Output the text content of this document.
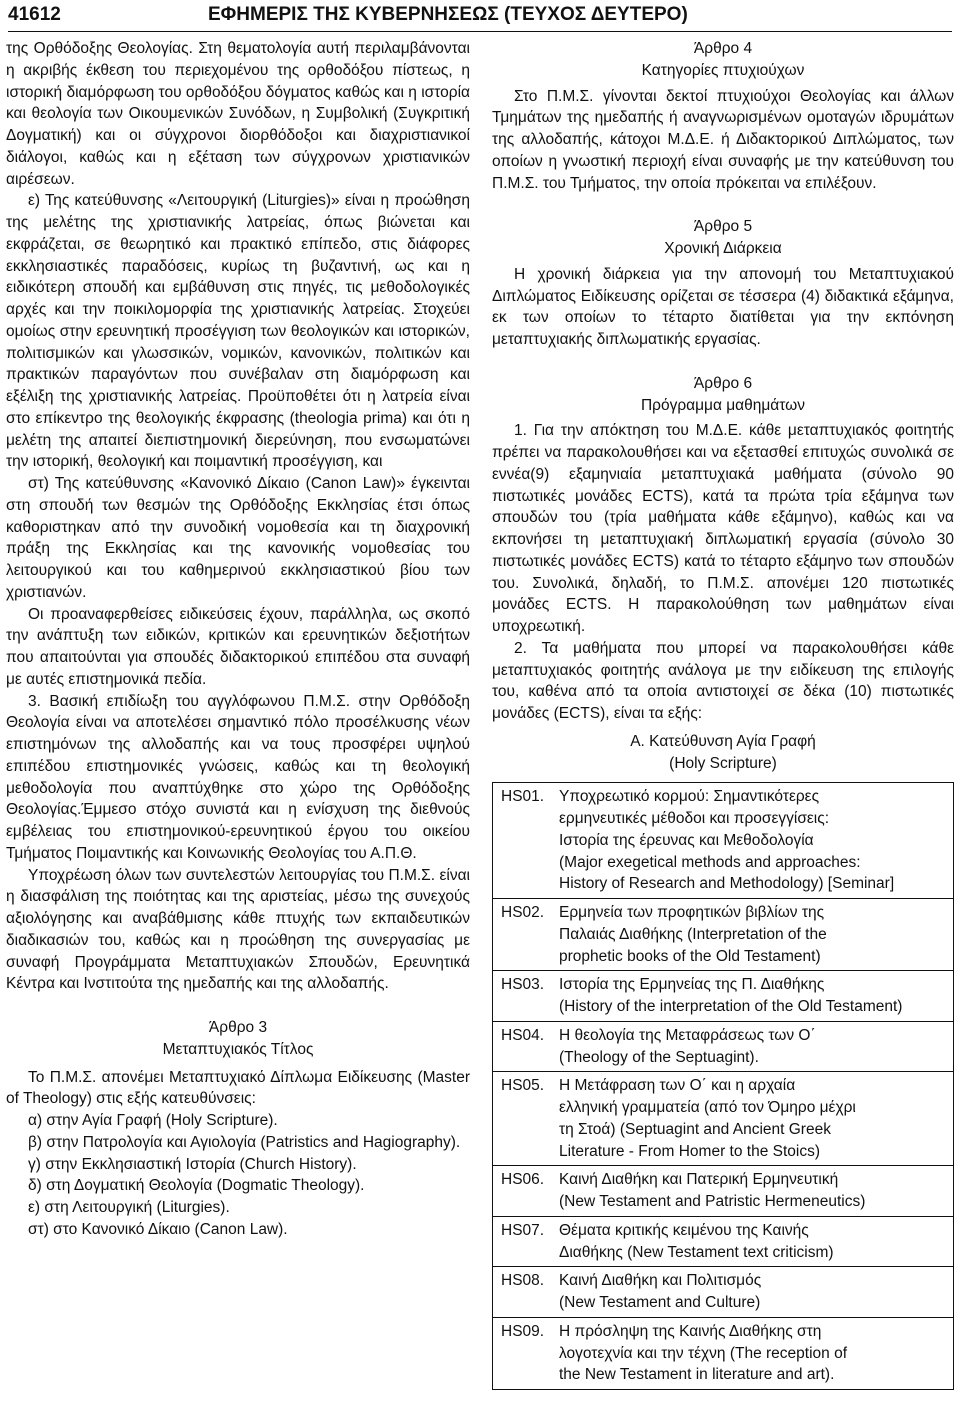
41612	ΕΦΗΜΕΡΙΣ ΤΗΣ ΚΥΒΕΡΝΗΣΕΩΣ (ΤΕΥΧΟΣ ΔΕΥΤΕΡΟ)

της Ορθόδοξης Θεολογίας. Στη θεματολογία αυτή περιλαμβάνονται η ακριβής έκθεση του περιεχομένου της ορθοδόξου πίστεως, η ιστορική διαμόρφωση του ορθοδόξου δόγματος καθώς και η ιστορία και θεολογία των Οικουμενικών Συνόδων, η Συμβολική (Συγκριτική Δογματική) και οι σύγχρονοι διορθόδοξοι και διαχριστιανικοί διάλογοι, καθώς και η εξέταση των σύγχρονων χριστιανικών αιρέσεων.

ε) Της κατεύθυνσης «Λειτουργική (Liturgies)» είναι η προώθηση της μελέτης της χριστιανικής λατρείας, όπως βιώνεται και εκφράζεται, σε θεωρητικό και πρακτικό επίπεδο, στις διάφορες εκκλησιαστικές παραδόσεις, κυρίως τη βυζαντινή, ως και η ειδικότερη σπουδή και εμβάθυνση στις πηγές, τις μεθοδολογικές αρχές και την ποικιλομορφία της χριστιανικής λατρείας. Στοχεύει ομοίως στην ερευνητική προσέγγιση των θεολογικών και ιστορικών, πολιτισμικών και γλωσσικών, νομικών, κανονικών, πολιτικών και πρακτικών παραγόντων που συνέβαλαν στη διαμόρφωση και εξέλιξη της χριστιανικής λατρείας. Προϋποθέτει ότι η λατρεία είναι στο επίκεντρο της θεολογικής έκφρασης (theologia prima) και ότι η μελέτη της απαιτεί διεπιστημονική διερεύνηση, που ενσωματώνει την ιστορική, θεολογική και ποιμαντική προσέγγιση, και

στ) Της κατεύθυνσης «Κανονικό Δίκαιο (Canon Law)» έγκεινται στη σπουδή των θεσμών της Ορθόδοξης Εκκλησίας έτσι όπως καθοριστηκαν από την συνοδική νομοθεσία και τη διαχρονική πράξη της Εκκλησίας και της κανονικής νομοθεσίας του λειτουργικού και του καθημερινού εκκλησιαστικού βίου των χριστιανών.

Οι προαναφερθείσες ειδικεύσεις έχουν, παράλληλα, ως σκοπό την ανάπτυξη των ειδικών, κριτικών και ερευνητικών δεξιοτήτων που απαιτούνται για σπουδές διδακτορικού επιπέδου στα συναφή με αυτές επιστημονικά πεδία.

3. Βασική επιδίωξη του αγγλόφωνου Π.Μ.Σ. στην Ορθόδοξη Θεολογία είναι να αποτελέσει σημαντικό πόλο προσέλκυσης νέων επιστημόνων της αλλοδαπής και να τους προσφέρει υψηλού επιπέδου επιστημονικές γνώσεις, καθώς και τη θεολογική μεθοδολογία που αναπτύχθηκε στο χώρο της Ορθόδοξης Θεολογίας.Έμμεσο στόχο συνιστά και η ενίσχυση της διεθνούς εμβέλειας του επιστημονικού-ερευνητικού έργου του οικείου Τμήματος Ποιμαντικής και Κοινωνικής Θεολογίας του Α.Π.Θ.

Υποχρέωση όλων των συντελεστών λειτουργίας του Π.Μ.Σ. είναι η διασφάλιση της ποιότητας και της αριστείας, μέσω της συνεχούς αξιολόγησης και αναβάθμισης κάθε πτυχής των εκπαιδευτικών διαδικασιών του, καθώς και η προώθηση της συνεργασίας με συναφή Προγράμματα Μεταπτυχιακών Σπουδών, Ερευνητικά Κέντρα και Ινστιτούτα της ημεδαπής και της αλλοδαπής.

Άρθρο 3

Μεταπτυχιακός Τίτλος

Το Π.Μ.Σ. απονέμει Μεταπτυχιακό Δίπλωμα Ειδίκευσης (Master of Theology) στις εξής κατευθύνσεις:

α) στην Αγία Γραφή (Holy Scripture).

β) στην Πατρολογία και Αγιολογία (Patristics and Hagiography).

γ) στην Εκκλησιαστική Ιστορία (Church History).

δ) στη Δογματική Θεολογία (Dogmatic Theology).

ε) στη Λειτουργική (Liturgies).

στ) στο Κανονικό Δίκαιο (Canon Law).

Άρθρο 4

Κατηγορίες πτυχιούχων

Στο Π.Μ.Σ. γίνονται δεκτοί πτυχιούχοι Θεολογίας και άλλων Τμημάτων της ημεδαπής ή αναγνωρισμένων ομοταγών ιδρυμάτων της αλλοδαπής, κάτοχοι Μ.Δ.Ε. ή Διδακτορικού Διπλώματος, των οποίων η γνωστική περιοχή είναι συναφής με την κατεύθυνση του Π.Μ.Σ. του Τμήματος, την οποία πρόκειται να επιλέξουν.

Άρθρο 5

Χρονική Διάρκεια

Η χρονική διάρκεια για την απονομή του Μεταπτυχιακού Διπλώματος Ειδίκευσης ορίζεται σε τέσσερα (4) διδακτικά εξάμηνα, εκ των οποίων το τέταρτο διατίθεται για την εκπόνηση μεταπτυχιακής διπλωματικής εργασίας.

Άρθρο 6

Πρόγραμμα μαθημάτων

1. Για την απόκτηση του Μ.Δ.Ε. κάθε μεταπτυχιακός φοιτητής πρέπει να παρακολουθήσει και να εξετασθεί επιτυχώς συνολικά σε εννέα(9) εξαμηνιαία μεταπτυχιακά μαθήματα (σύνολο 90 πιστωτικές μονάδες ECTS), κατά τα πρώτα τρία εξάμηνα των σπουδών του (τρία μαθήματα κάθε εξάμηνο), καθώς και να εκπονήσει τη μεταπτυχιακή διπλωματική εργασία (σύνολο 30 πιστωτικές μονάδες ECTS) κατά το τέταρτο εξάμηνο των σπουδών του. Συνολικά, δηλαδή, το Π.Μ.Σ. απονέμει 120 πιστωτικές μονάδες ECTS. Η παρακολούθηση των μαθημάτων είναι υποχρεωτική.

2. Τα μαθήματα που μπορεί να παρακολουθήσει κάθε μεταπτυχιακός φοιτητής ανάλογα με την ειδίκευση της επιλογής του, καθένα από τα οποία αντιστοιχεί σε δέκα (10) πιστωτικές μονάδες (ECTS), είναι τα εξής:

Α. Κατεύθυνση Αγία Γραφή

(Holy Scripture)

HS01. Υποχρεωτικό κορμού: Σημαντικότερες
ερμηνευτικές μέθοδοι και προσεγγίσεις:
Ιστορία της έρευνας και Μεθοδολογία
(Major exegetical methods and approaches:
History of Research and Methodology) [Seminar]
HS02. Ερμηνεία των προφητικών βιβλίων της
Παλαιάς Διαθήκης (Interpretation of the
prophetic books of the Old Testament)
HS03. Ιστορία της Ερμηνείας της Π. Διαθήκης
(History of the interpretation of the Old Testament)
HS04. Η θεολογία της Μεταφράσεως των Ο΄
(Theology of the Septuagint).
HS05. Η Μετάφραση των Ο΄ και η αρχαία
ελληνική γραμματεία (από τον Όμηρο μέχρι
τη Στοά) (Septuagint and Ancient Greek
Literature - From Homer to the Stoics)
HS06. Καινή Διαθήκη και Πατερική Ερμηνευτική
(New Testament and Patristic Hermeneutics)
HS07. Θέματα κριτικής κειμένου της Καινής
Διαθήκης (New Testament text criticism)
HS08. Καινή Διαθήκη και Πολιτισμός
(New Testament and Culture)
HS09. Η πρόσληψη της Καινής Διαθήκης στη
λογοτεχνία και την τέχνη (The reception of
the New Testament in literature and art).
